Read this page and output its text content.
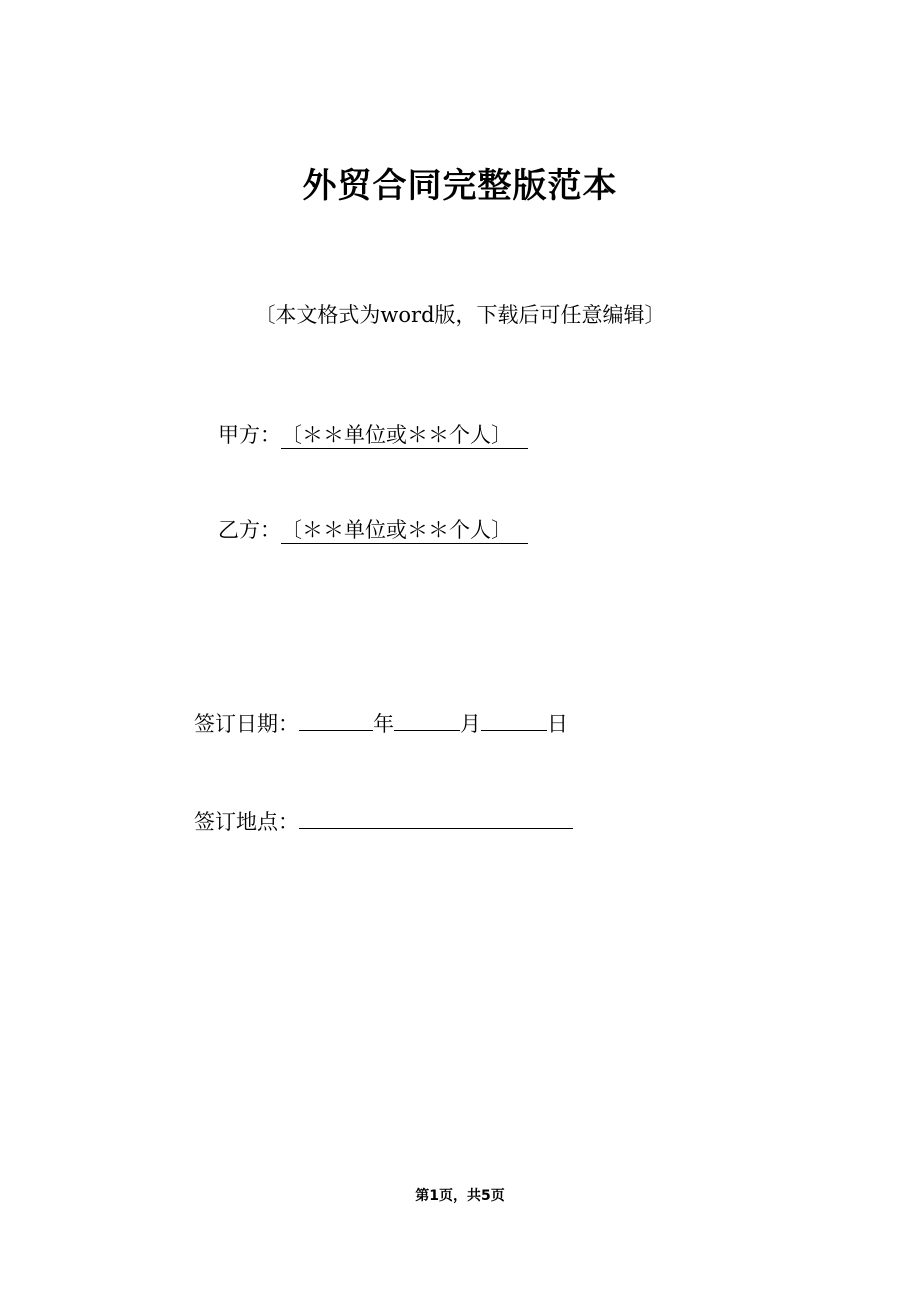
外贸合同完整版范本
〔本文格式为word版，下载后可任意编辑〕
甲方：〔＊＊单位或＊＊个人〕
乙方：〔＊＊单位或＊＊个人〕
签订日期：	年	月	日
签订地点：
第1页，共5页
